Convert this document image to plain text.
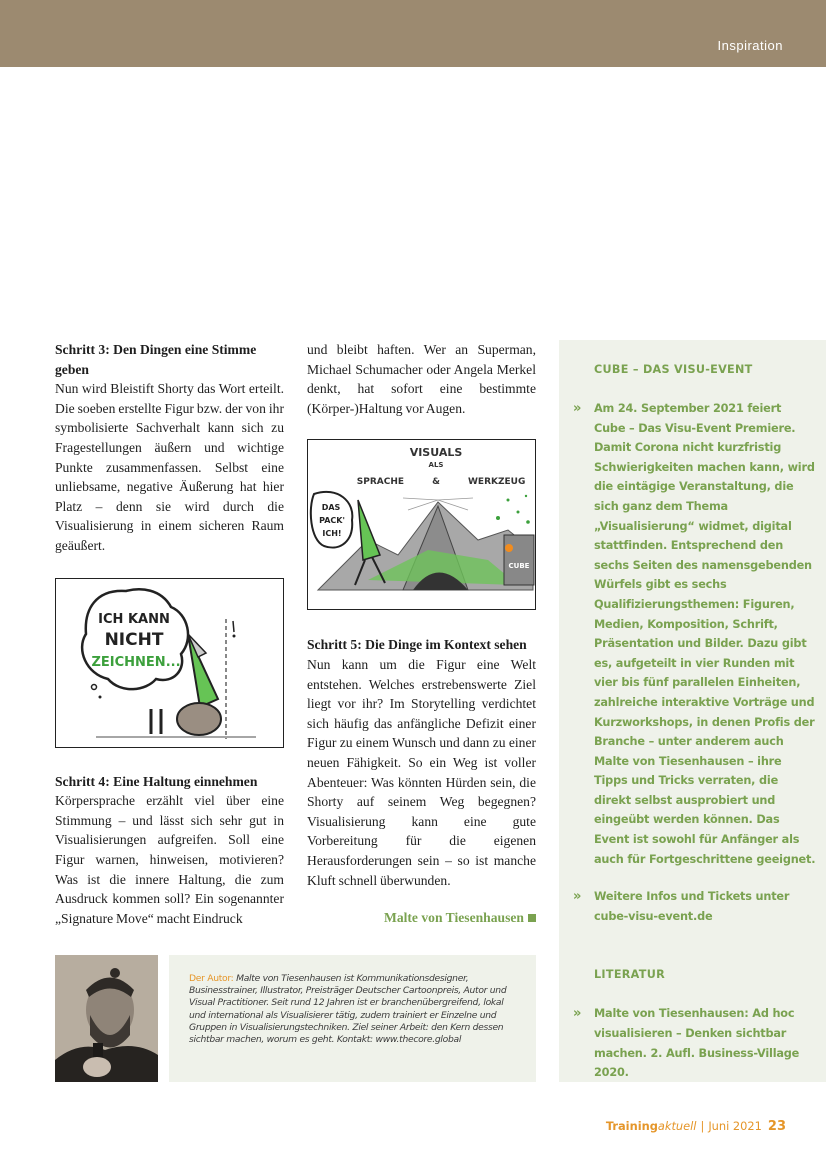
Inspiration
Schritt 3: Den Dingen eine Stimme geben

Nun wird Bleistift Shorty das Wort erteilt. Die soeben erstellte Figur bzw. der von ihr symbolisierte Sachverhalt kann sich zu Fragestellungen äußern und wichtige Punkte zusammenfassen. Selbst eine unliebsame, negative Äußerung hat hier Platz – denn sie wird durch die Visualisierung in einem sicheren Raum geäußert.

ICH KANN
NICHT
ZEICHNEN...
Schritt 4: Eine Haltung einnehmen

Körpersprache erzählt viel über eine Stimmung – und lässt sich sehr gut in Visualisierungen aufgreifen. Soll eine Figur warnen, hinweisen, motivieren? Was ist die innere Haltung, die zum Ausdruck kommen soll? Ein sogenannter „Signature Move“ macht Eindruck

und bleibt haften. Wer an Superman, Michael Schumacher oder Angela Merkel denkt, hat sofort eine bestimmte (Körper-)Haltung vor Augen.

VISUALS
ALS
SPRACHE	&	WERKZEUG
DAS
PACK'
ICH!
CUBE
Schritt 5: Die Dinge im Kontext sehen

Nun kann um die Figur eine Welt entstehen. Welches erstrebenswerte Ziel liegt vor ihr? Im Storytelling verdichtet sich häufig das anfängliche Defizit einer Figur zu einem Wunsch und dann zu einer neuen Fähigkeit. So ein Weg ist voller Abenteuer: Was könnten Hürden sein, die Shorty auf seinem Weg begegnen? Visualisierung kann eine gute Vorbereitung für die eigenen Herausforderungen sein – so ist manche Kluft schnell überwunden.

Malte von Tiesenhausen
Der Autor: Malte von Tiesenhausen ist Kommunikationsdesigner, Businesstrainer, Illustrator, Preisträger Deutscher Cartoonpreis, Autor und Visual Practitioner. Seit rund 12 Jahren ist er branchenübergreifend, lokal und international als Visualisierer tätig, zudem trainiert er Einzelne und Gruppen in Visualisierungstechniken. Ziel seiner Arbeit: den Kern dessen sichtbar machen, worum es geht. Kontakt: www.thecore.global
CUBE – DAS VISU-EVENT
» Am 24. September 2021 feiert Cube – Das Visu-Event Premiere. Damit Corona nicht kurzfristig Schwierigkeiten machen kann, wird die eintägige Veranstaltung, die sich ganz dem Thema „Visualisierung“ widmet, digital stattfinden. Entsprechend den sechs Seiten des namensgebenden Würfels gibt es sechs Qualifizierungsthemen: Figuren, Medien, Komposition, Schrift, Präsentation und Bilder. Dazu gibt es, aufgeteilt in vier Runden mit vier bis fünf parallelen Einheiten, zahlreiche interaktive Vorträge und Kurzworkshops, in denen Profis der Branche – unter anderem auch Malte von Tiesenhausen – ihre Tipps und Tricks verraten, die direkt selbst ausprobiert und eingeübt werden können. Das Event ist sowohl für Anfänger als auch für Fortgeschrittene geeignet.
» Weitere Infos und Tickets unter cube-visu-event.de
LITERATUR
» Malte von Tiesenhausen: Ad hoc visualisieren – Denken sichtbar machen. 2. Aufl. Business-Village 2020.
Trainingaktuell | Juni 2021 23
